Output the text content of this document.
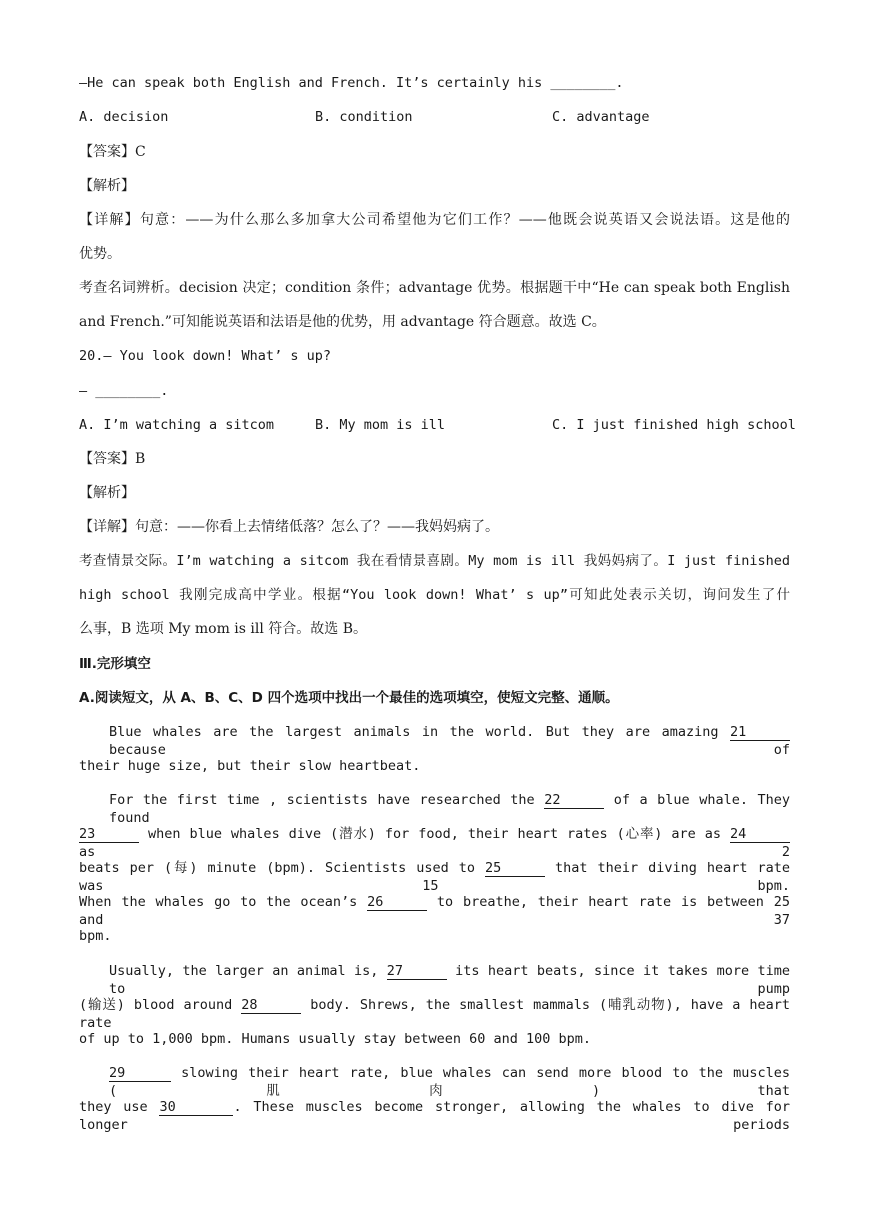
—He can speak both English and French. It’s certainly his ________.
A. decision	B. condition	C. advantage
【答案】C
【解析】
【详解】句意：——为什么那么多加拿大公司希望他为它们工作？——他既会说英语又会说法语。这是他的
优势。
考查名词辨析。decision 决定；condition 条件；advantage 优势。根据题干中“He can speak both English
and French.”可知能说英语和法语是他的优势，用 advantage 符合题意。故选 C。
20.— You look down! What’ s up?
— ________.
A. I’m watching a sitcom	B. My mom is ill	C. I just finished high school
【答案】B
【解析】
【详解】句意：——你看上去情绪低落？怎么了？——我妈妈病了。
考查情景交际。I’m watching a sitcom 我在看情景喜剧。My mom is ill 我妈妈病了。I just finished
high school 我刚完成高中学业。根据“You look down! What’ s up”可知此处表示关切，询问发生了什
么事，B 选项 My mom is ill 符合。故选 B。
Ⅲ.完形填空
A.阅读短文，从 A、B、C、D 四个选项中找出一个最佳的选项填空，使短文完整、通顺。
Blue whales are the largest animals in the world. But they are amazing 21 because of
their huge size, but their slow heartbeat.
For the first time , scientists have researched the 22	of a blue whale. They found
23	when blue whales dive (潜水) for food, their heart rates (心率) are as 24 as 2
beats per (每) minute (bpm). Scientists used to 25	that their diving heart rate was 15 bpm.
When the whales go to the ocean’s 26	to breathe, their heart rate is between 25 and 37
bpm.
Usually, the larger an animal is, 27	its heart beats, since it takes more time to pump
(输送) blood around 28	body. Shrews, the smallest mammals (哺乳动物), have a heart rate
of up to 1,000 bpm. Humans usually stay between 60 and 100 bpm.
29	slowing their heart rate, blue whales can send more blood to the muscles (肌肉) that
they use 30	. These muscles become stronger, allowing the whales to dive for longer periods
